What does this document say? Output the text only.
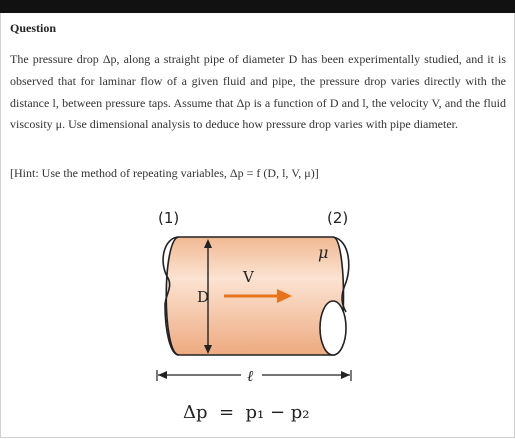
Question
The pressure drop Δp, along a straight pipe of diameter D has been experimentally studied, and it is observed that for laminar flow of a given fluid and pipe, the pressure drop varies directly with the distance l, between pressure taps. Assume that Δp is a function of D and l, the velocity V, and the fluid viscosity μ. Use dimensional analysis to deduce how pressure drop varies with pipe diameter.
[Hint: Use the method of repeating variables, Δp = f (D, l, V, μ)]
(1)	(2)
μ
V
D
ℓ
Δp  =  p₁ − p₂
